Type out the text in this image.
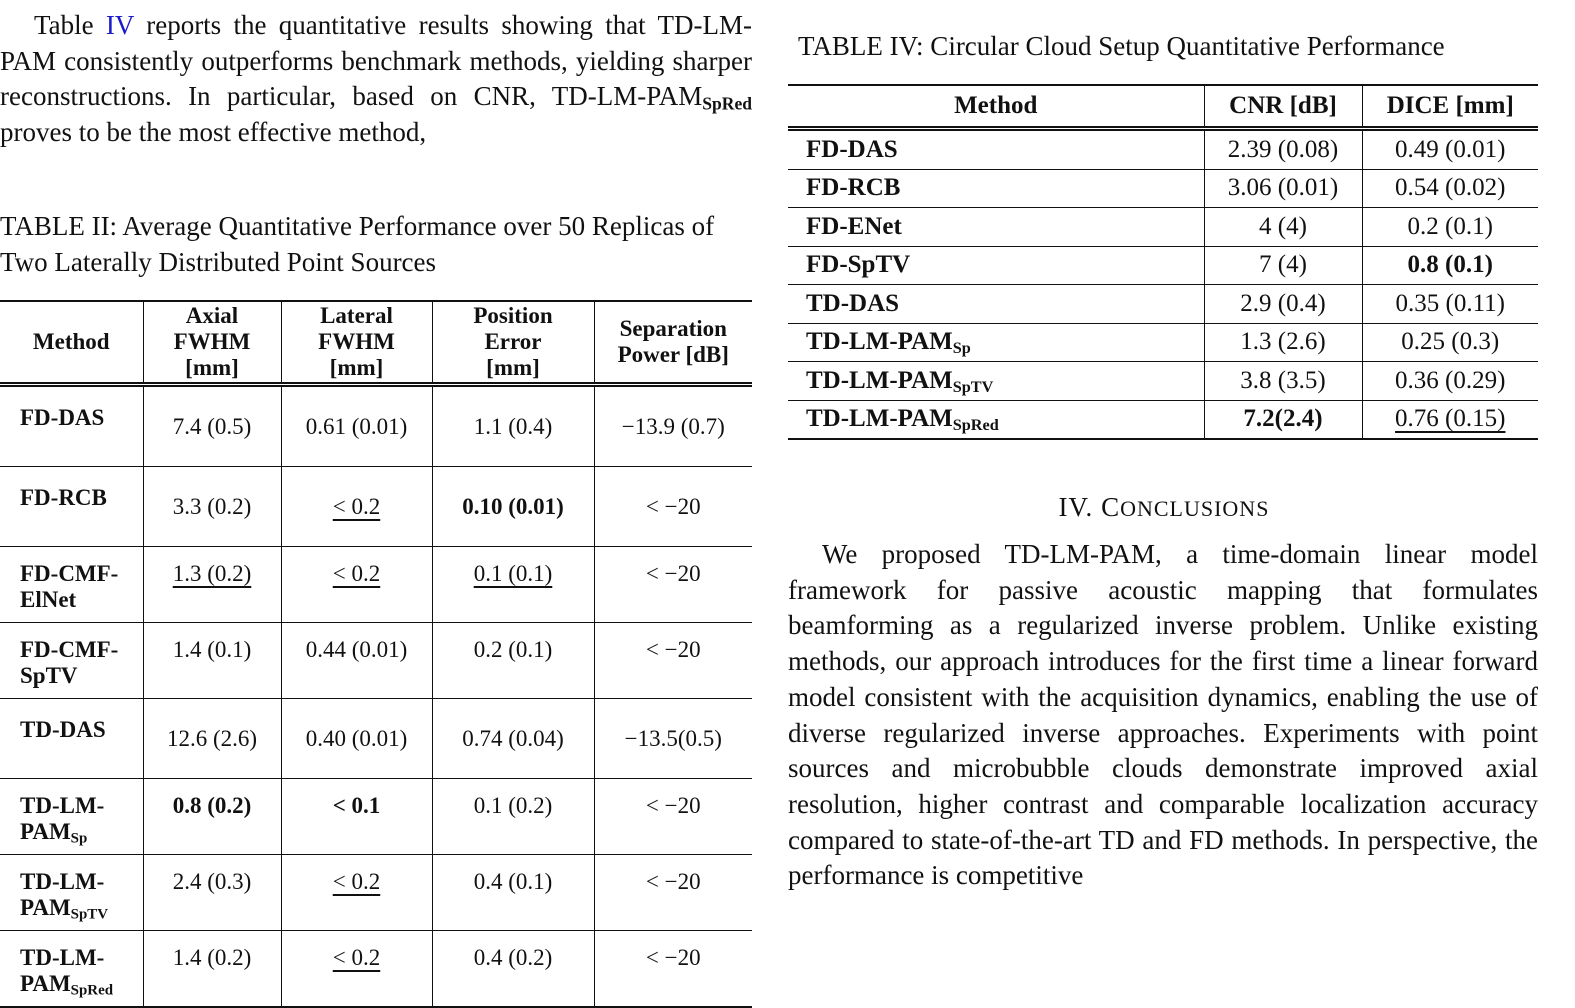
Table IV reports the quantitative results showing that TD-LM-PAM consistently outperforms benchmark methods, yielding sharper reconstructions. In particular, based on CNR, $TD-LM-PAM_{SpRed}$ proves to be the most effective method,

TABLE II: Average Quantitative Performance over 50 Replicas of Two Laterally Distributed Point Sources

Method	Axial FWHM [mm]	Lateral FWHM [mm]	Position Error [mm]	Separation Power [dB]
FD-DAS	7.4 (0.5)	0.61 (0.01)	1.1 (0.4)	−13.9 (0.7)
FD-RCB	3.3 (0.2)	< 0.2	0.10 (0.01)	< −20
FD-CMF-ElNet	1.3 (0.2)	< 0.2	0.1 (0.1)	< −20
FD-CMF-SpTV	1.4 (0.1)	0.44 (0.01)	0.2 (0.1)	< −20
TD-DAS	12.6 (2.6)	0.40 (0.01)	0.74 (0.04)	−13.5(0.5)
$TD-LM-PAM_{Sp}$	0.8 (0.2)	< 0.1	0.1 (0.2)	< −20
$TD-LM-PAM_{SpTV}$	2.4 (0.3)	< 0.2	0.4 (0.1)	< −20
$TD-LM-PAM_{SpRed}$	1.4 (0.2)	< 0.2	0.4 (0.2)	< −20

TABLE IV: Circular Cloud Setup Quantitative Performance

Method	CNR [dB]	DICE [mm]
FD-DAS	2.39 (0.08)	0.49 (0.01)
FD-RCB	3.06 (0.01)	0.54 (0.02)
FD-ENet	4 (4)	0.2 (0.1)
FD-SpTV	7 (4)	0.8 (0.1)
TD-DAS	2.9 (0.4)	0.35 (0.11)
$TD-LM-PAM_{Sp}$	1.3 (2.6)	0.25 (0.3)
$TD-LM-PAM_{SpTV}$	3.8 (3.5)	0.36 (0.29)
$TD-LM-PAM_{SpRed}$	7.2(2.4)	0.76 (0.15)
IV. CONCLUSIONS

We proposed TD-LM-PAM, a time-domain linear model framework for passive acoustic mapping that formulates beamforming as a regularized inverse problem. Unlike existing methods, our approach introduces for the first time a linear forward model consistent with the acquisition dynamics, enabling the use of diverse regularized inverse approaches. Experiments with point sources and microbubble clouds demonstrate improved axial resolution, higher contrast and comparable localization accuracy compared to state-of-the-art TD and FD methods. In perspective, the performance is competitive
